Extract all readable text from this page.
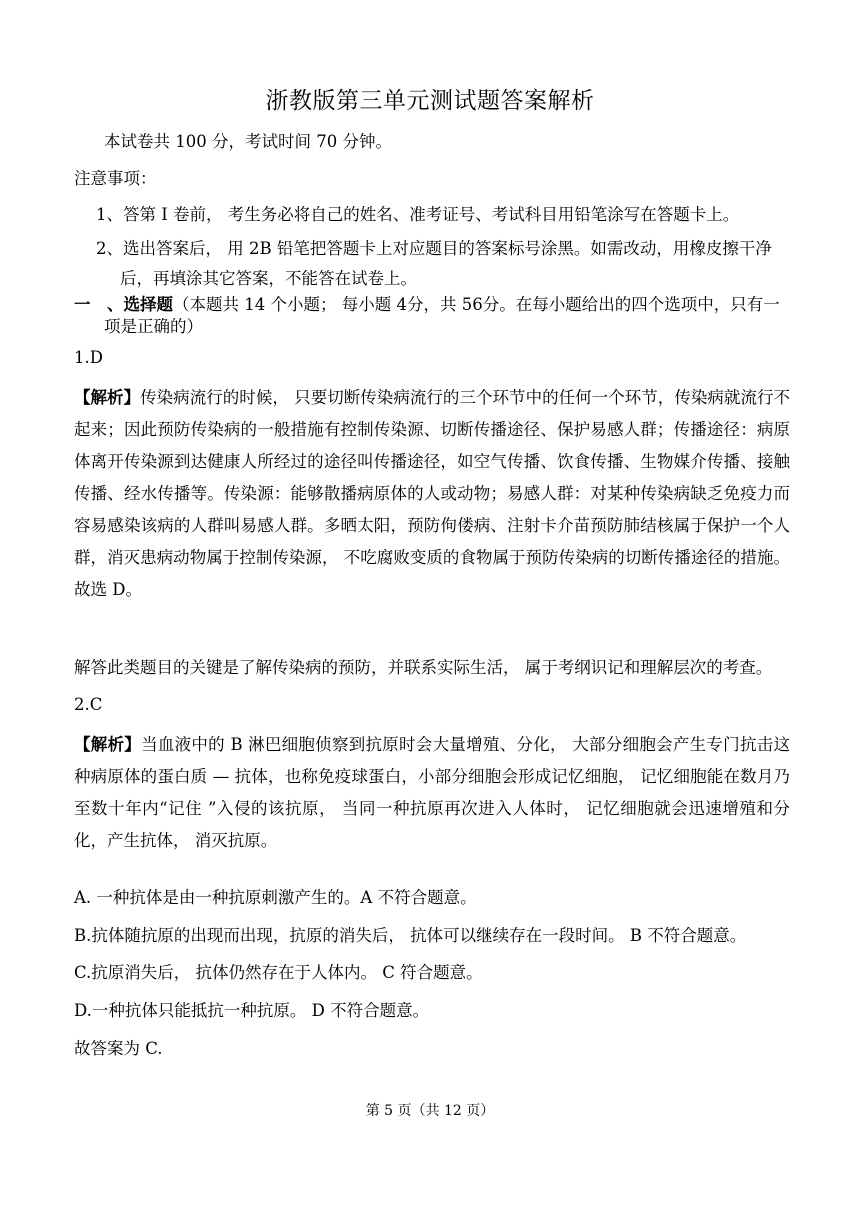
浙教版第三单元测试题答案解析
本试卷共 100 分，考试时间 70 分钟。
注意事项：
1、答第 Ⅰ 卷前， 考生务必将自己的姓名、准考证号、考试科目用铅笔涂写在答题卡上。
2、选出答案后， 用 2B 铅笔把答题卡上对应题目的答案标号涂黑。如需改动，用橡皮擦干净
后，再填涂其它答案，不能答在试卷上。
一　、选择题（本题共 14 个小题； 每小题 4分，共 56分。在每小题给出的四个选项中，只有一
项是正确的）
1.D
【解析】传染病流行的时候， 只要切断传染病流行的三个环节中的任何一个环节，传染病就流行不起来；因此预防传染病的一般措施有控制传染源、切断传播途径、保护易感人群；传播途径：病原体离开传染源到达健康人所经过的途径叫传播途径，如空气传播、饮食传播、生物媒介传播、接触传播、经水传播等。传染源：能够散播病原体的人或动物；易感人群：对某种传染病缺乏免疫力而容易感染该病的人群叫易感人群。多晒太阳，预防佝偻病、注射卡介苗预防肺结核属于保护一个人群，消灭患病动物属于控制传染源， 不吃腐败变质的食物属于预防传染病的切断传播途径的措施。故选 D。
解答此类题目的关键是了解传染病的预防，并联系实际生活， 属于考纲识记和理解层次的考查。
2.C
【解析】当血液中的 B 淋巴细胞侦察到抗原时会大量增殖、分化， 大部分细胞会产生专门抗击这种病原体的蛋白质 — 抗体，也称免疫球蛋白，小部分细胞会形成记忆细胞， 记忆细胞能在数月乃至数十年内“记住 ”入侵的该抗原， 当同一种抗原再次进入人体时， 记忆细胞就会迅速增殖和分化，产生抗体， 消灭抗原。
A. 一种抗体是由一种抗原刺激产生的。A 不符合题意。
B.抗体随抗原的出现而出现，抗原的消失后， 抗体可以继续存在一段时间。 B 不符合题意。
C.抗原消失后， 抗体仍然存在于人体内。 C 符合题意。
D.一种抗体只能抵抗一种抗原。 D 不符合题意。
故答案为 C.
第 5 页（共 12 页）
